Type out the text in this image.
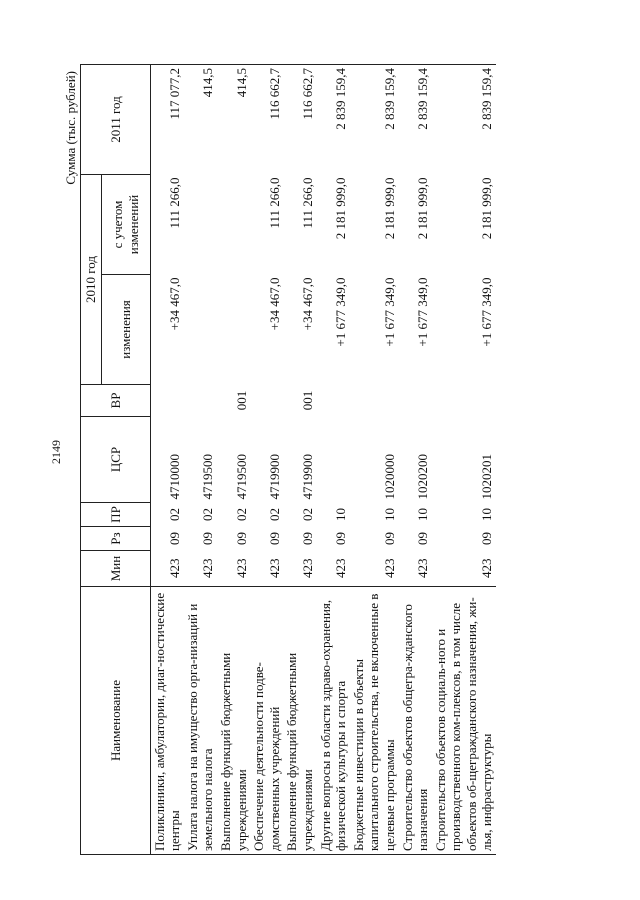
2149
Сумма (тыс. рублей)
Наименование	Мин	Рз	ПР	ЦСР	ВР	2010 год		2011 год
						изменения	с учетом изменений	
Поликлиники, амбулатории, диаг-ностические центры	423	09	02	4710000		+34 467,0	111 266,0	117 077,2
Уплата налога на имущество орга-низаций и земельного налога	423	09	02	4719500				414,5
Выполнение функций бюджетными учреждениями	423	09	02	4719500	001			414,5
Обеспечение деятельности подве-домственных учреждений	423	09	02	4719900		+34 467,0	111 266,0	116 662,7
Выполнение функций бюджетными учреждениями	423	09	02	4719900	001	+34 467,0	111 266,0	116 662,7
Другие вопросы в области здраво-охранения, физической культуры и спорта	423	09	10			+1 677 349,0	2 181 999,0	2 839 159,4
Бюджетные инвестиции в объекты капитального строительства, не включенные в целевые программы	423	09	10	1020000		+1 677 349,0	2 181 999,0	2 839 159,4
Строительство объектов общегра-жданского назначения	423	09	10	1020200		+1 677 349,0	2 181 999,0	2 839 159,4
Строительство объектов социаль-ного и производственного ком-плексов, в том числе объектов об-щегражданского назначения, жи-лья, инфраструктуры	423	09	10	1020201		+1 677 349,0	2 181 999,0	2 839 159,4
